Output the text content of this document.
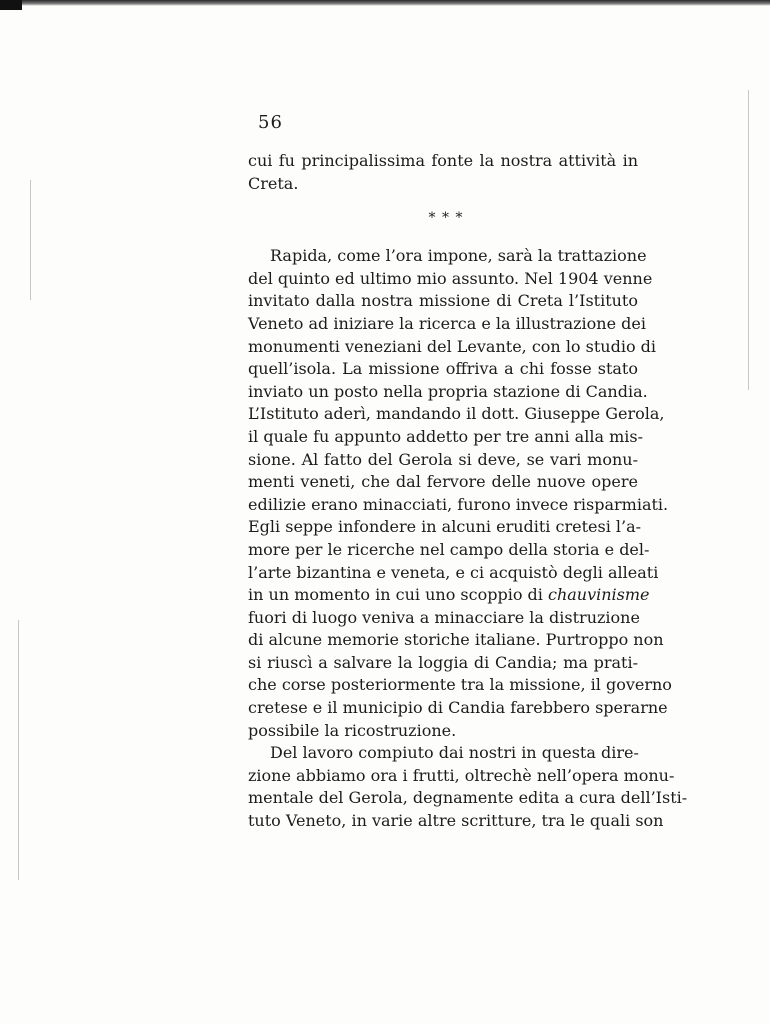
56
cui fu principalissima fonte la nostra attività in
Creta.
* * *
Rapida, come l’ora impone, sarà la trattazione
del quinto ed ultimo mio assunto. Nel 1904 venne
invitato dalla nostra missione di Creta l’Istituto
Veneto ad iniziare la ricerca e la illustrazione dei
monumenti veneziani del Levante, con lo studio di
quell’isola. La missione offriva a chi fosse stato
inviato un posto nella propria stazione di Candia.
L’Istituto aderì, mandando il dott. Giuseppe Gerola,
il quale fu appunto addetto per tre anni alla mis-
sione. Al fatto del Gerola si deve, se vari monu-
menti veneti, che dal fervore delle nuove opere
edilizie erano minacciati, furono invece risparmiati.
Egli seppe infondere in alcuni eruditi cretesi l’a-
more per le ricerche nel campo della storia e del-
l’arte bizantina e veneta, e ci acquistò degli alleati
in un momento in cui uno scoppio di chauvinisme
fuori di luogo veniva a minacciare la distruzione
di alcune memorie storiche italiane. Purtroppo non
si riuscì a salvare la loggia di Candia; ma prati-
che corse posteriormente tra la missione, il governo
cretese e il municipio di Candia farebbero sperarne
possibile la ricostruzione.
Del lavoro compiuto dai nostri in questa dire-
zione abbiamo ora i frutti, oltrechè nell’opera monu-
mentale del Gerola, degnamente edita a cura dell’Isti-
tuto Veneto, in varie altre scritture, tra le quali son
